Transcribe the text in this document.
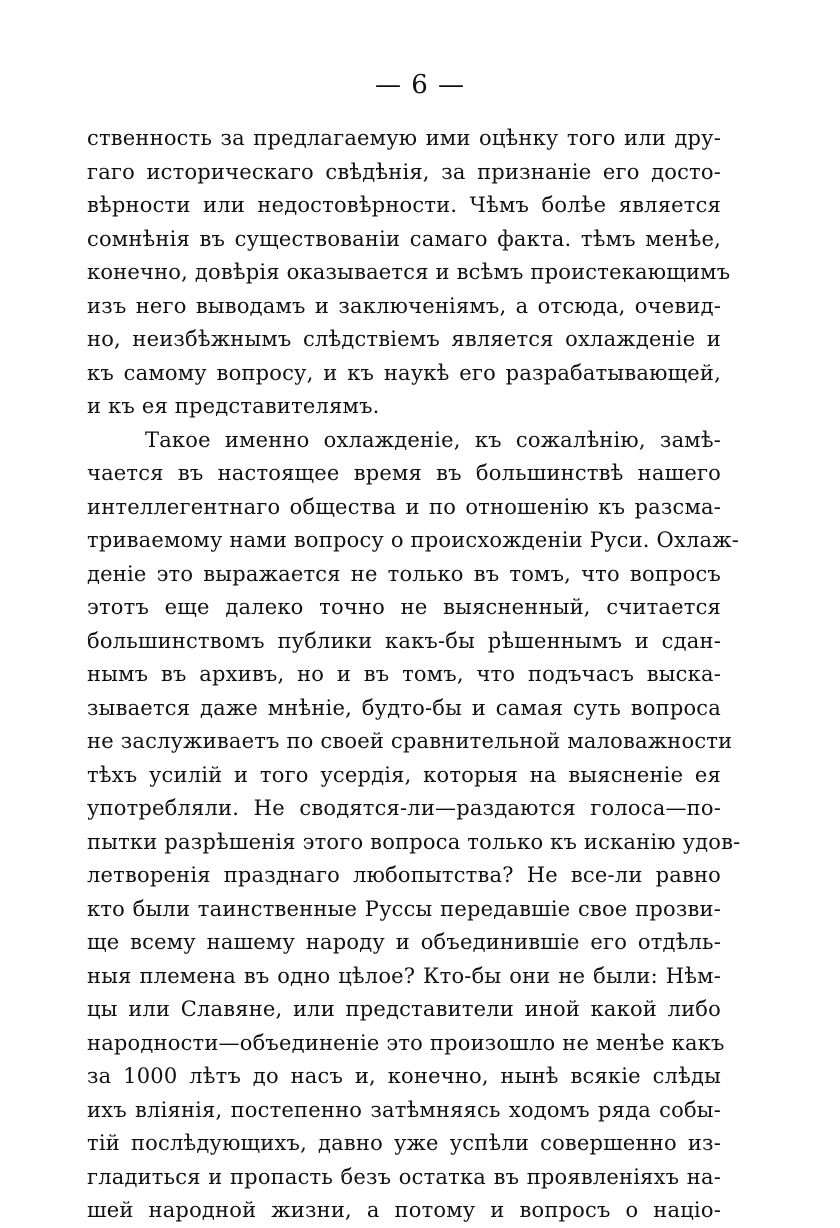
— 6 —
ственность за предлагаемую ими оцѣнку того или дру-
гаго историческаго свѣдѣнія, за признаніе его досто-
вѣрности или недостовѣрности. Чѣмъ болѣе является
сомнѣнія въ существованіи самаго факта. тѣмъ менѣе,
конечно, довѣрія оказывается и всѣмъ проистекающимъ
изъ него выводамъ и заключеніямъ, а отсюда, очевид-
но, неизбѣжнымъ слѣдствіемъ является охлажденіе и
къ самому вопросу, и къ наукѣ его разрабатывающей,
и къ ея представителямъ.
Такое именно охлажденіе, къ сожалѣнію, замѣ-
чается въ настоящее время въ большинствѣ нашего
интеллегентнаго общества и по отношенію къ разсма-
триваемому нами вопросу о происхожденіи Руси. Охлаж-
деніе это выражается не только въ томъ, что вопросъ
этотъ еще далеко точно не выясненный, считается
большинствомъ публики какъ-бы рѣшеннымъ и сдан-
нымъ въ архивъ, но и въ томъ, что подъчасъ выска-
зывается даже мнѣніе, будто-бы и самая суть вопроса
не заслуживаетъ по своей сравнительной маловажности
тѣхъ усилій и того усердія, которыя на выясненіе ея
употребляли. Не сводятся-ли—раздаются голоса—по-
пытки разрѣшенія этого вопроса только къ исканію удов-
летворенія празднаго любопытства? Не все-ли равно
кто были таинственные Руссы передавшіе свое прозви-
ще всему нашему народу и объединившіе его отдѣль-
ныя племена въ одно цѣлое? Кто-бы они не были: Нѣм-
цы или Славяне, или представители иной какой либо
народности—объединеніе это произошло не менѣе какъ
за 1000 лѣтъ до насъ и, конечно, нынѣ всякіе слѣды
ихъ вліянія, постепенно затѣмняясь ходомъ ряда собы-
тій послѣдующихъ, давно уже успѣли совершенно из-
гладиться и пропасть безъ остатка въ проявленіяхъ на-
шей народной жизни, а потому и вопросъ о націо-
